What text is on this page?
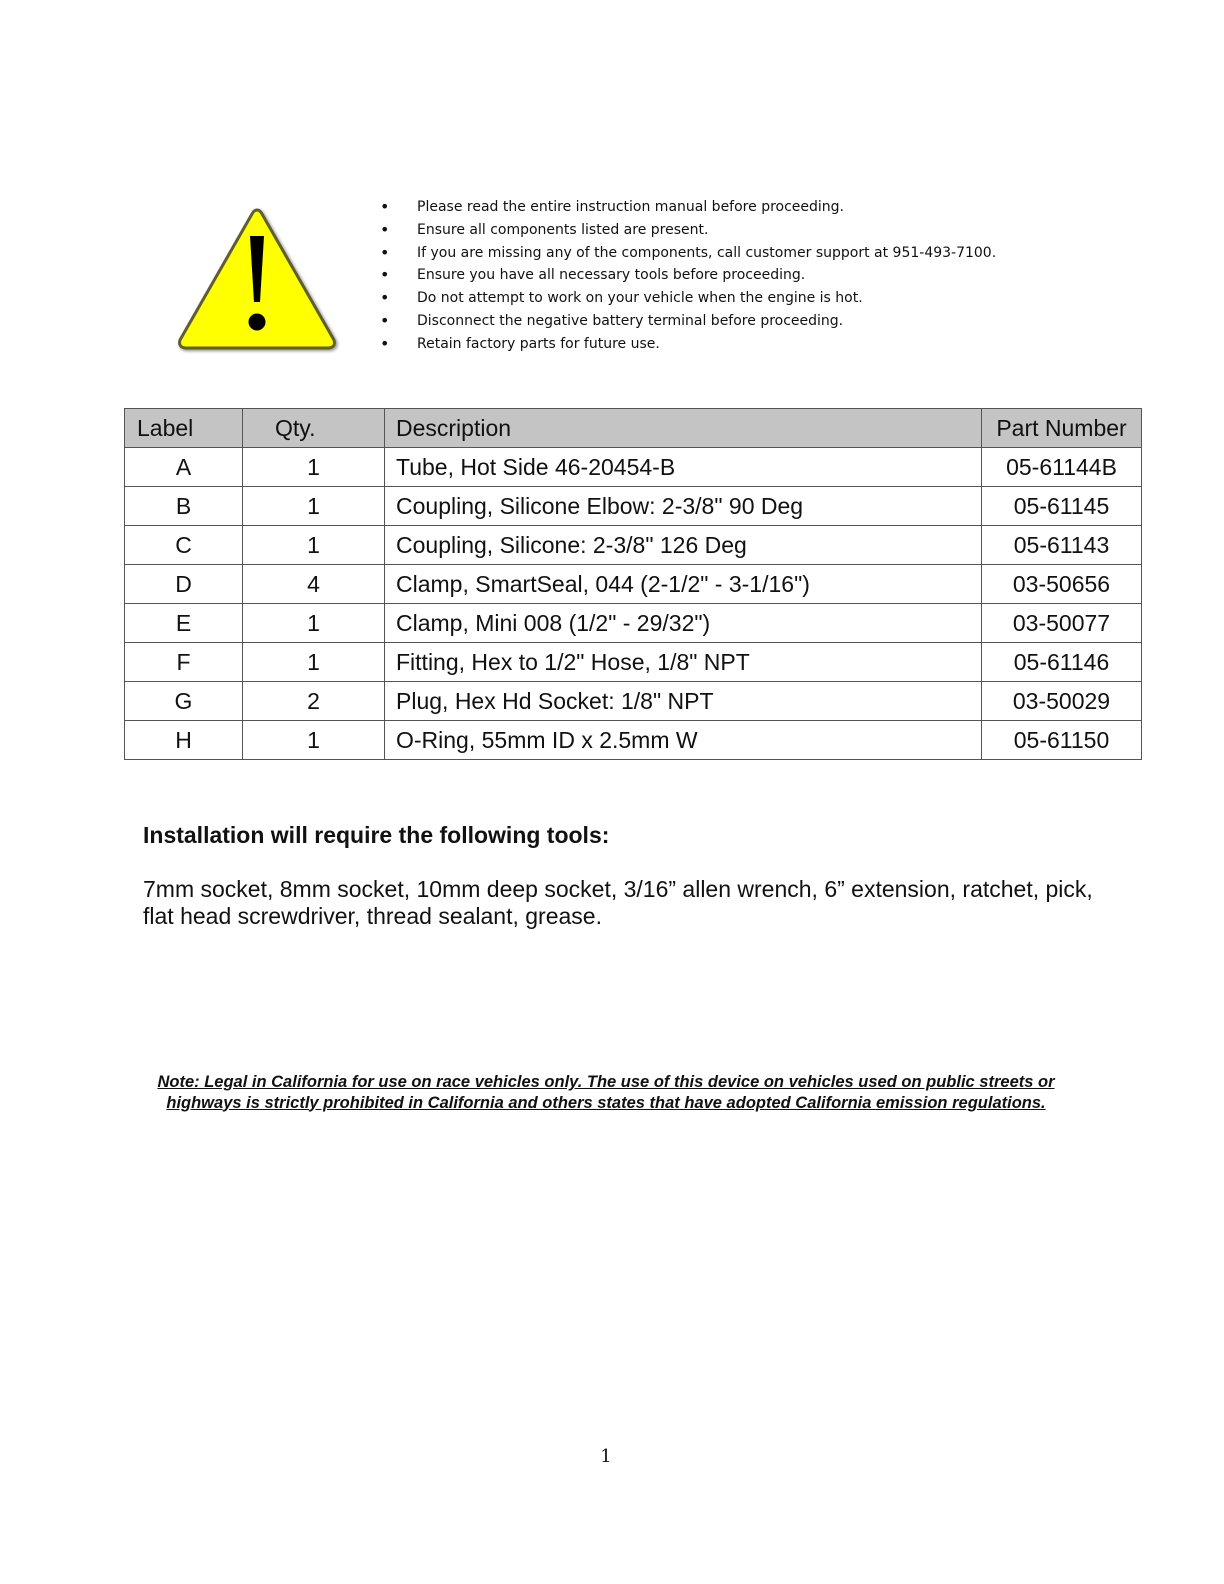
• Please read the entire instruction manual before proceeding.
• Ensure all components listed are present.
• If you are missing any of the components, call customer support at 951-493-7100.
• Ensure you have all necessary tools before proceeding.
• Do not attempt to work on your vehicle when the engine is hot.
• Disconnect the negative battery terminal before proceeding.
• Retain factory parts for future use.
Label	Qty.	Description	Part Number
A	1	Tube, Hot Side 46-20454-B	05-61144B
B	1	Coupling, Silicone Elbow: 2-3/8" 90 Deg	05-61145
C	1	Coupling, Silicone: 2-3/8" 126 Deg	05-61143
D	4	Clamp, SmartSeal, 044 (2-1/2" - 3-1/16")	03-50656
E	1	Clamp, Mini 008 (1/2" - 29/32")	03-50077
F	1	Fitting, Hex to 1/2" Hose, 1/8" NPT	05-61146
G	2	Plug, Hex Hd Socket: 1/8" NPT	03-50029
H	1	O-Ring, 55mm ID x 2.5mm W	05-61150
Installation will require the following tools:

7mm socket, 8mm socket, 10mm deep socket, 3/16” allen wrench, 6” extension, ratchet, pick, flat head screwdriver, thread sealant, grease.

Note: Legal in California for use on race vehicles only. The use of this device on vehicles used on public streets or highways is strictly prohibited in California and others states that have adopted California emission regulations.

1
